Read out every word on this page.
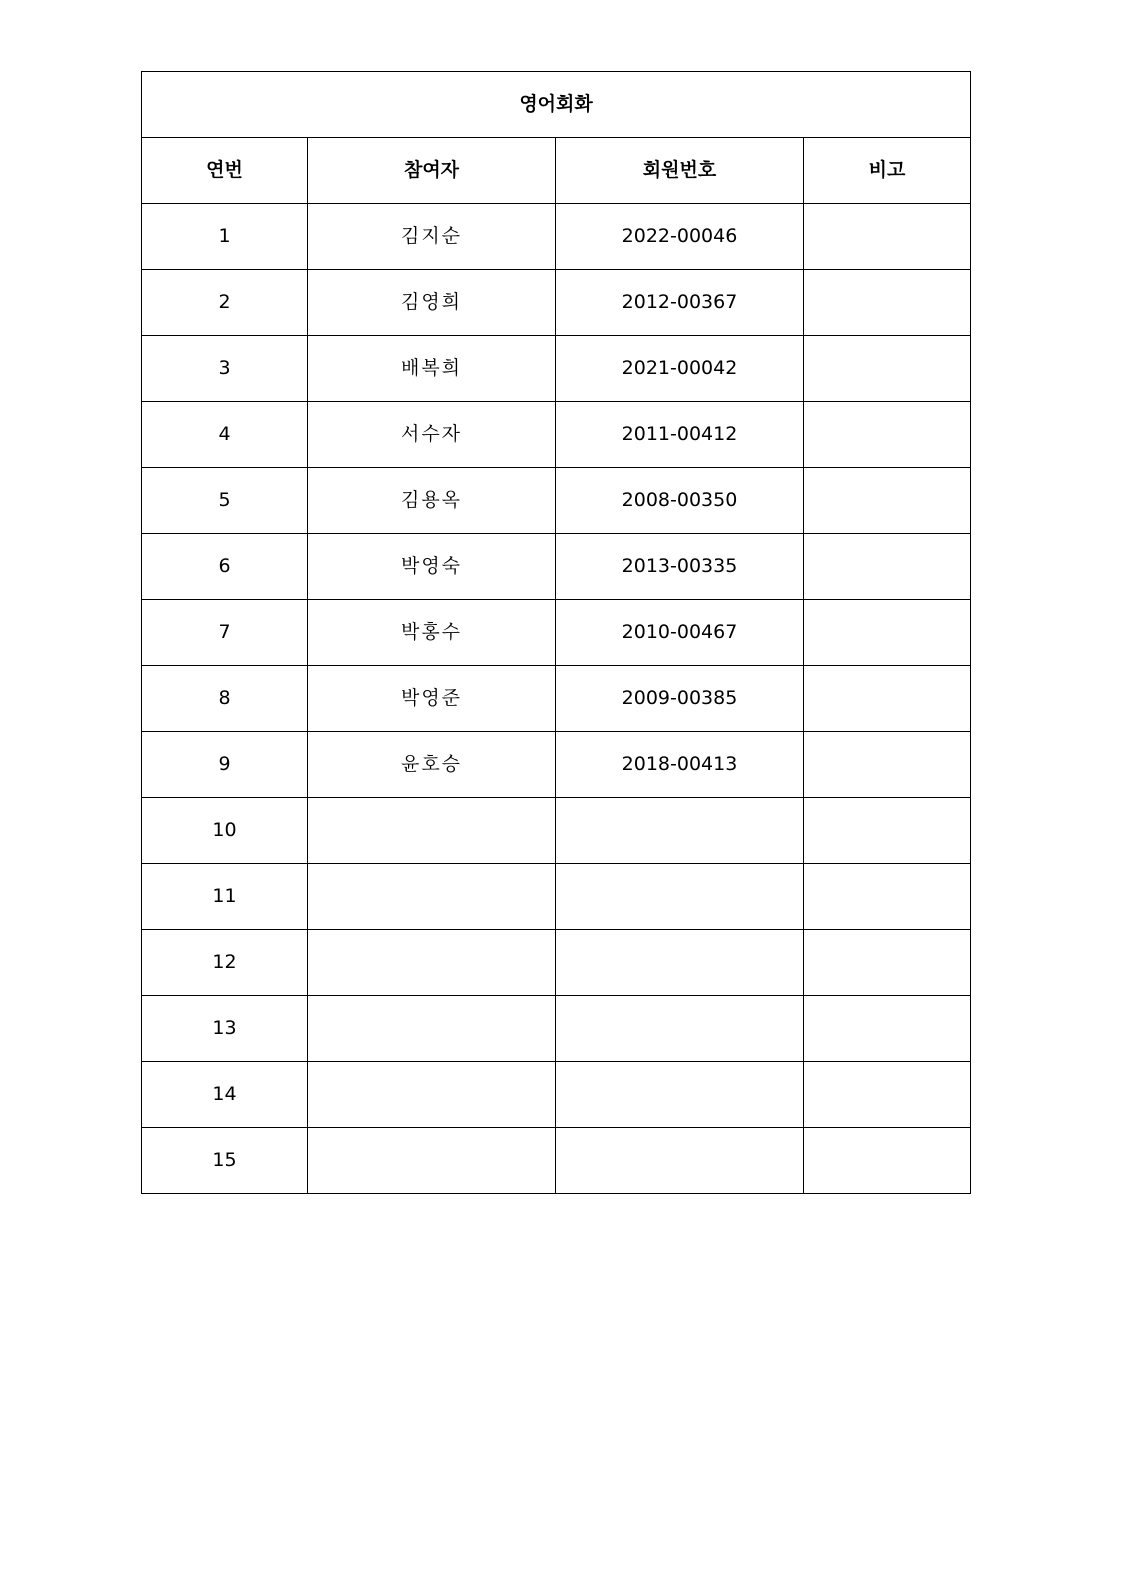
영어회화			
연번	참여자	회원번호	비고
1	김지순	2022-00046	
2	김영희	2012-00367	
3	배복희	2021-00042	
4	서수자	2011-00412	
5	김용옥	2008-00350	
6	박영숙	2013-00335	
7	박홍수	2010-00467	
8	박영준	2009-00385	
9	윤호승	2018-00413	
10			
11			
12			
13			
14			
15			
